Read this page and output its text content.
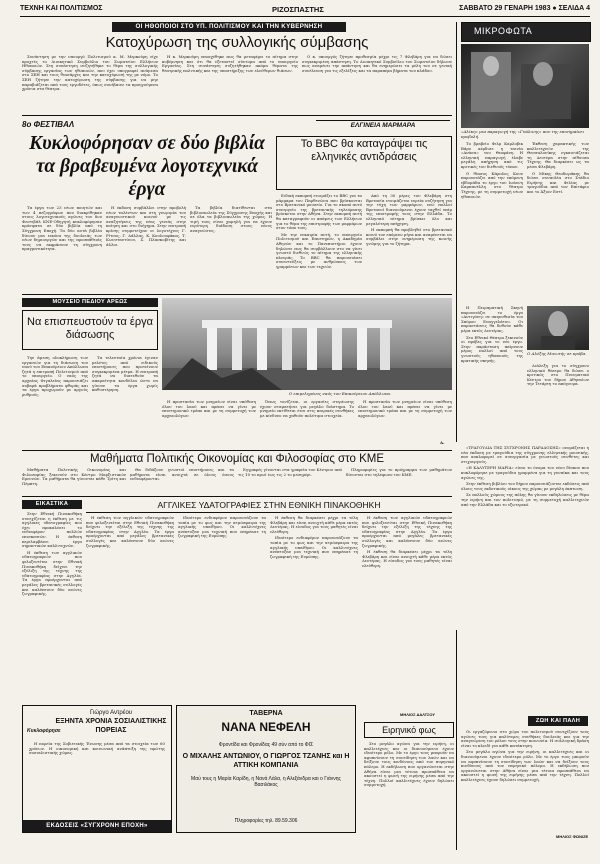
ΤΕΧΝΗ ΚΑΙ ΠΟΛΙΤΙΣΜΟΣ	ΡΙΖΟΣΠΑΣΤΗΣ	ΣΑΒΒΑΤΟ 29 ΓΕΝΑΡΗ 1983 ● ΣΕΛΙΔΑ 4
ΟΙ ΗΘΟΠΟΙΟΙ ΣΤΟ ΥΠ. ΠΟΛΙΤΙΣΜΟΥ ΚΑΙ ΤΗΝ ΚΥΒΕΡΝΗΣΗ
Κατοχύρωση της συλλογικής σύμβασης

Συνάντηση με την υπουργό Πολιτισμού κ. Μ. Μερκούρη είχε προχτές το Διοικητικό Συμβούλιο του Σωματείου Ελλήνων Ηθοποιών. Στη συνάντηση συζητήθηκε το θέμα της συλλογικής σύμβασης εργασίας των ηθοποιών, που έχει υπογραφεί ανάμεσα στο ΣΕΗ και τους θιασάρχες και την κατοχύρωσή της με νόμο. Το ΣΕΗ ζήτησε την κατοχύρωση της σύμβασης για να μην παραβιάζεται από τους εργοδότες, όπως συνέβαινε τα προηγούμενα χρόνια στα θέατρα.

Η κ. Μερκούρη υποσχέθηκε πως θα μεταφέρει το αίτημα στην κυβέρνηση και ότι θα εξεταστεί σύντομα από το υπουργείο Εργασίας. Στη συνάντηση συζητήθηκαν ακόμα θέματα της θεατρικής πολιτικής και της υποστήριξης των ελεύθερων θιάσων.

Ο κ. υπουργός ζήτησε προθεσμία μέχρι τις 7 Φλεβάρη για να δώσει συγκεκριμένη απάντηση. Το Διοικητικό Συμβούλιο του Σωματείου δήλωσε πως αναμένει την απάντηση και θα ενημερώσει τα μέλη του σε γενική συνέλευση για τις εξελίξεις και τα παραπέρα βήματα του κλάδου.

8ο ΦΕΣΤΙΒΑΛ
Κυκλοφόρησαν σε δύο βιβλία τα βραβευμένα λογοτεχνικά έργα

Τα έργα των 23 νέων ποιητών και των 4 πεζογράφων που διακρίθηκαν στους λογοτεχνικούς αγώνες του 8ου Φεστιβάλ ΚΝΕ-Οδηγητή κυκλοφόρησαν πρόσφατα σε δύο βιβλία από τη Σύγχρονη Εποχή. Τα δύο αυτά βιβλία δίνουν μια εικόνα της δουλειάς των νέων δημιουργών και της προσπάθειάς τους να εκφράσουν τη σύγχρονη πραγματικότητα.

Η έκδοση συμβάλλει στην προβολή νέων ταλέντων και στη γνωριμία του αναγνωστικού κοινού με τις αναζητήσεις της νέας γενιάς στην ποίηση και στο διήγημα. Στην επιτροπή κρίσης συμμετείχαν οι λογοτέχνες Γ. Ρίτσος, Γ. Δάλλας, Κ. Κουλουφάκος, Τ. Κωνσταντίνου, Σ. Πλασκοβίτης και άλλοι.

Τα βιβλία διατίθενται στα βιβλιοπωλεία της Σύγχρονης Εποχής και σε όλα τα βιβλιοπωλεία της χώρας. Η τιμή τους είναι χαμηλή για να έχουν ευρύτερη διάδοση στους νέους αναγνώστες.

ΕΛΓΙΝΕΙΑ ΜΑΡΜΑΡΑ
Το BBC θα καταγράψει τις ελληνικές αντιδράσεις

Ειδική εκπομπή ετοιμάζει το BBC για τα μάρμαρα του Παρθενώνα που βρίσκονται στο Βρετανικό μουσείο. Για το σκοπό αυτό συνεργείο της βρετανικής τηλεόρασης βρίσκεται στην Αθήνα. Στην εκπομπή αυτή θα καταγραφούν οι απόψεις των Ελλήνων για το θέμα της επιστροφής των μαρμάρων στον τόπο τους.

Με την ευκαιρία αυτή, το υπουργείο Πολιτισμού και Επιστημών, η Ακαδημία Αθηνών και το Πανεπιστήμιο έχουν δηλώσει πως θα συμβάλλουν στο να γίνει γνωστό διεθνώς το αίτημα της ελληνικής πλευράς. Το BBC θα παρουσιάσει συνεντεύξεις με ανθρώπους των γραμμάτων και των τεχνών.

Από τη 30 μέρες του Φλεβάρη στη Βρετανία ετοιμάζεται ευρεία συζήτηση για την τύχη των μαρμάρων, ενώ πολλοί Βρετανοί διανοούμενοι έχουν ταχθεί υπέρ της επιστροφής τους στην Ελλάδα. Το ελληνικό αίτημα βρίσκει όλο και μεγαλύτερη απήχηση.

Η εκπομπή θα προβληθεί στο βρετανικό κοινό τον επόμενο μήνα και αναμένεται να συμβάλει στην ενημέρωση της κοινής γνώμης για το ζήτημα.

ΜΙΚΡΟΦΩΤΑ
«Αλίκη» μια παραγωγή της «Γυάλινης» που της επισημαίνει προβολή.

Το βραβείο Φιλμ Καρλοβικ Βάρυ κέρδισε η ταινία «Ανάσα» του Θεοφάνη. Η ελληνική παραγωγή έλαβε μεγάλη απήχηση από τις κριτικές του διεθνούς τύπου.

Ο θίασος Κάρολος Κουν παρουσιάζει από την επόμενη εβδομάδα το έργο του Ιωάννη Καμπανέλλη στο θέατρο Τέχνης, με τη συμμετοχή νέων ηθοποιών.

Έκθεση χαρακτικής των καλλιτεχνών της Θεσσαλονίκης εγκαινιάζεται τη Δευτέρα στην αίθουσα Τέχνης. Θα διαρκέσει ως τα μέσα Φλεβάρη.

Ο Μίκης Θεοδωράκης θα δώσει συναυλία στο Στάδιο Ειρήνης και Φιλίας με τραγούδια από τον Επιτάφιο και το Άξιον Εστί.

Ο Αλέξης Μινωτής σε πρόβα.

Η Πειραματική Σκηνή παρουσιάζει το έργο «Αντιγόνη» σε σκηνοθεσία του Σπύρου Ευαγγελάτου. Οι παραστάσεις θα δοθούν κάθε μέρα εκτός Δευτέρας.

Στο Εθνικό Θέατρο ξεκινούν οι πρόβες για το νέο έργο. Στην παράσταση παίρνουν μέρος πολλοί από τους γνωστούς ηθοποιούς της κρατικής σκηνής.

Διάλεξη για το σύγχρονο ελληνικό θέατρο θα δώσει ο κριτικός στο Πνευματικό Κέντρο του δήμου Αθηναίων την Τετάρτη το απόγευμα.

ΜΟΥΣΕΙΟ ΠΕΔΙΟΥ ΑΡΕΩΣ
Να επισπευστούν τα έργα διάσωσης

Την άμεση ολοκλήρωση των εργασιών για τη διάσωση του ναού του Επικούρειου Απόλλωνα ζητά η επιτροπή Πολιτισμού από το υπουργείο. Ο ναός της αρχαίας Φιγαλείας παρουσιάζει σοβαρά προβλήματα φθοράς και τα έργα προχωρούν με αργούς ρυθμούς.

Τα τελευταία χρόνια έγιναν μελέτες από ειδικούς επιστήμονες που προτείνουν συγκεκριμένα μέτρα. Η επιτροπή ζητά να διατεθούν τα απαραίτητα κονδύλια ώστε να γίνουν τα έργα χωρίς καθυστέρηση.

Ο επιμελημένος ναός του Επικούρειου Απόλλωνα.

Η προστασία των μνημείων είναι υπόθεση όλου του λαού και πρέπει να γίνει με επιστημονικό τρόπο και με τη συμμετοχή των αρχαιολόγων.

Όπως τονίζεται, οι εργασίες στερέωσης έχουν σταματήσει για μεγάλο διάστημα. Το μνημείο εκτίθεται έτσι στις καιρικές συνθήκες με κίνδυνο να χαθούν πολύτιμα στοιχεία.

Η προστασία των μνημείων είναι υπόθεση όλου του λαού και πρέπει να γίνει με επιστημονικό τρόπο και με τη συμμετοχή των αρχαιολόγων.

Α.
Μαθήματα Πολιτικής Οικονομίας και Φιλοσοφίας στο ΚΜΕ

Μαθήματα Πολιτικής Οικονομίας και Φιλοσοφίας ξεκινούν στο Κέντρο Μαρξιστικών Ερευνών. Τα μαθήματα θα γίνονται κάθε Τρίτη και Πέμπτη.

Θα διδάξουν γνωστοί επιστήμονες και τα μαθήματα είναι ανοιχτά σε όλους όσους ενδιαφέρονται.

Εγγραφές γίνονται στα γραφεία του Κέντρου από τις 10 το πρωί έως τις 2 το μεσημέρι.

Πληροφορίες για το πρόγραμμα των μαθημάτων δίνονται στο τηλέφωνο του ΚΜΕ.

«ΤΡΑΓΟΥΔΙΑ ΤΗΣ ΣΥΓΧΡΟΝΗΣ ΠΑΡΑΔΟΣΗΣ» ονομάζεται η νέα έκδοση με τραγούδια της σύγχρονης ελληνικής μουσικής, που κυκλοφορεί σε συνεργασία με γνωστούς συνθέτες και στιχουργούς.

«Η ΚΑΛΥΤΕΡΗ ΜΑΡΙΑ» είναι το όνομα του νέου δίσκου που κυκλοφόρησε με τραγούδια γραμμένα για τη γυναίκα και τους αγώνες της.

Στην έκθεση βιβλίου του δήμου παρουσιάζονται εκδόσεις από όλους τους εκδοτικούς οίκους της χώρας με μεγάλη έκπτωση.

Σε πολλούς χώρους της πόλης θα γίνουν εκδηλώσεις με θέμα την ειρήνη και τον πολιτισμό, με τη συμμετοχή καλλιτεχνών από την Ελλάδα και το εξωτερικό.

ΕΙΚΑΣΤΙΚΑ

Στην Εθνική Πινακοθήκη συνεχίζεται η έκθεση με τις αγγλικές υδατογραφίες που έχει προκαλέσει το ενδιαφέρον πολλών επισκεπτών. Η έκθεση περιλαμβάνει έργα σημαντικών καλλιτεχνών.

Η έκθεση των αγγλικών υδατογραφιών που φιλοξενείται στην Εθνική Πινακοθήκη δείχνει την εξέλιξη της τέχνης της υδατογραφίας στην Αγγλία. Τα έργα προέρχονται από μεγάλες βρετανικές συλλογές και καλύπτουν δύο αιώνες ζωγραφικής.

ΑΓΓΛΙΚΕΣ ΥΔΑΤΟΓΡΑΦΙΕΣ ΣΤΗΝ ΕΘΝΙΚΗ ΠΙΝΑΚΟΘΗΚΗ

Η έκθεση των αγγλικών υδατογραφιών που φιλοξενείται στην Εθνική Πινακοθήκη δείχνει την εξέλιξη της τέχνης της υδατογραφίας στην Αγγλία. Τα έργα προέρχονται από μεγάλες βρετανικές συλλογές και καλύπτουν δύο αιώνες ζωγραφικής.

Ιδιαίτερο ενδιαφέρον παρουσιάζουν τα τοπία με το φως και την ατμόσφαιρα της αγγλικής υπαίθρου. Οι καλλιτέχνες ανέπτυξαν μια τεχνική που επηρέασε τη ζωγραφική της Ευρώπης.

Η έκθεση θα διαρκέσει μέχρι τα τέλη Φλεβάρη και είναι ανοιχτή κάθε μέρα εκτός Δευτέρας. Η είσοδος για τους μαθητές είναι ελεύθερη.

Ιδιαίτερο ενδιαφέρον παρουσιάζουν τα τοπία με το φως και την ατμόσφαιρα της αγγλικής υπαίθρου. Οι καλλιτέχνες ανέπτυξαν μια τεχνική που επηρέασε τη ζωγραφική της Ευρώπης.

Η έκθεση των αγγλικών υδατογραφιών που φιλοξενείται στην Εθνική Πινακοθήκη δείχνει την εξέλιξη της τέχνης της υδατογραφίας στην Αγγλία. Τα έργα προέρχονται από μεγάλες βρετανικές συλλογές και καλύπτουν δύο αιώνες ζωγραφικής.

Η έκθεση θα διαρκέσει μέχρι τα τέλη Φλεβάρη και είναι ανοιχτή κάθε μέρα εκτός Δευτέρας. Η είσοδος για τους μαθητές είναι ελεύθερη.

ΜΗΛΙΟΣ ΔΑΛΤΣΟΥ
Κυκλοφόρησε
Γιώργο Αντρέου
ΕΞΗΝΤΑ ΧΡΟΝΙΑ ΣΟΣΙΑΛΙΣΤΙΚΗΣ ΠΟΡΕΙΑΣ

Η πορεία της Σοβιετικής Ένωσης μέσα από τα στοιχεία των 60 χρόνων. Η οικονομική και κοινωνική ανάπτυξη της πρώτης σοσιαλιστικής χώρας.

ΕΚΔΟΣΕΙΣ «ΣΥΓΧΡΟΝΗ ΕΠΟΧΗ»
ΤΑΒΕΡΝΑ
ΝΑΝΑ ΝΕΦΕΛΗ
Φροντίδα και Φρονίδας 49 σύν από το ΦΙΣ
Ο ΜΙΧΑΛΗΣ ΑΝΤΩΝΙΟΥ, Ο ΓΙΩΡΓΟΣ ΤΖΑΝΗΣ και Η ΑΤΤΙΚΗ ΚΟΜΠΑΝΙΑ
Μαύ τους η Μαρία Καρίδη, η Νανά Λάλα, η Αλεξάνδρα και ο Γιάννης Βασιλάκος
Πληροφορίες τηλ. 89.59.306
Ειρηνικό φως

Στο μεγάλο αγώνα για την ειρήνη, οι καλλιτέχνες και οι διανοούμενοι έχουν ιδιαίτερο ρόλο. Με το έργο τους μπορούν να αφυπνίσουν τη συνείδηση των λαών και να δείξουν τους κινδύνους από τον πυρηνικό πόλεμο. Η εκδήλωση που οργανώνεται στην Αθήνα είναι μια τέτοια προσπάθεια να ακουστεί η φωνή της ειρήνης μέσα από την τέχνη. Πολλοί καλλιτέχνες έχουν δηλώσει συμμετοχή.

ΖΩΗ ΚΑΙ ΠΑΛΗ

Οι εργαζόμενοι στο χώρο του πολιτισμού συνεχίζουν τους αγώνες τους για καλύτερες συνθήκες δουλειάς και για την αναγνώριση του ρόλου τους στην κοινωνία. Η συλλογική δράση είναι το κλειδί για κάθε κατάκτηση.

Στο μεγάλο αγώνα για την ειρήνη, οι καλλιτέχνες και οι διανοούμενοι έχουν ιδιαίτερο ρόλο. Με το έργο τους μπορούν να αφυπνίσουν τη συνείδηση των λαών και να δείξουν τους κινδύνους από τον πυρηνικό πόλεμο. Η εκδήλωση που οργανώνεται στην Αθήνα είναι μια τέτοια προσπάθεια να ακουστεί η φωνή της ειρήνης μέσα από την τέχνη. Πολλοί καλλιτέχνες έχουν δηλώσει συμμετοχή.

ΜΗΛΙΟΣ ΦΩΝΙΖΕ
